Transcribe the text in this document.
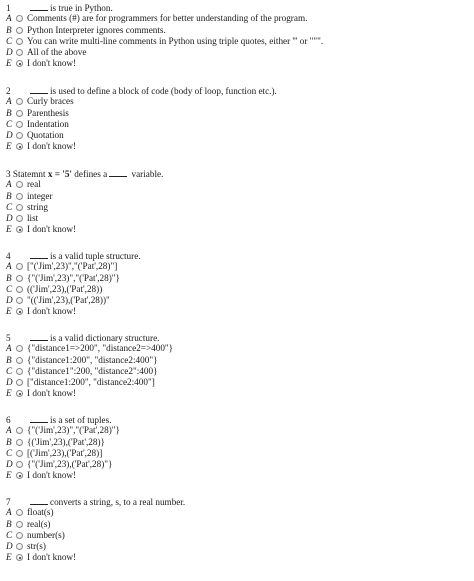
1	is true in Python.
A Comments (#) are for programmers for better understanding of the program.
B Python Interpreter ignores comments.
C You can write multi-line comments in Python using triple quotes, either ''' or """.
D All of the above
E I don't know!
2	is used to define a block of code (body of loop, function etc.).
A Curly braces
B Parenthesis
C Indentation
D Quotation
E I don't know!
3 Statemnt x = '5' defines a	variable.
A real
B integer
C string
D list
E I don't know!
4	is a valid tuple structure.
A ["('Jim',23)","('Pat',28)"]
B {"('Jim',23)","('Pat',28)"}
C (('Jim',23),('Pat',28))
D "(('Jim',23),('Pat',28))"
E I don't know!
5	is a valid dictionary structure.
A {"distance1=>200", "distance2=>400"}
B {"distance1:200", "distance2:400"}
C {"distance1":200, "distance2":400}
D ["distance1:200", "distance2:400"]
E I don't know!
6	is a set of tuples.
A {"('Jim',23)","('Pat',28)"}
B {('Jim',23),('Pat',28)}
C [('Jim',23),('Pat',28)]
D {"('Jim',23),('Pat',28)"}
E I don't know!
7	converts a string, s, to a real number.
A float(s)
B real(s)
C number(s)
D str(s)
E I don't know!
